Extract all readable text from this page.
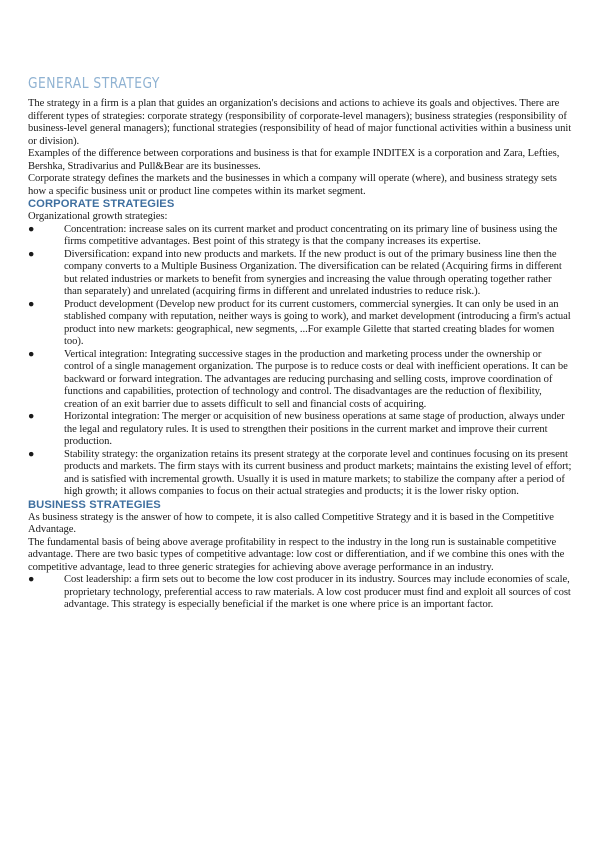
GENERAL STRATEGY

The strategy in a firm is a plan that guides an organization's decisions and actions to achieve its goals and objectives. There are different types of strategies: corporate strategy (responsibility of corporate-level managers); business strategies (responsibility of business-level general managers); functional strategies (responsibility of head of major functional activities within a business unit or division).

Examples of the difference between corporations and business is that for example INDITEX is a corporation and Zara, Lefties, Bershka, Stradivarius and Pull&Bear are its businesses.

Corporate strategy defines the markets and the businesses in which a company will operate (where), and business strategy sets how a specific business unit or product line competes within its market segment.

CORPORATE STRATEGIES

Organizational growth strategies:

●	Concentration: increase sales on its current market and product concentrating on its primary line of business using the firms competitive advantages. Best point of this strategy is that the company increases its expertise.
●	Diversification: expand into new products and markets. If the new product is out of the primary business line then the company converts to a Multiple Business Organization. The diversification can be related (Acquiring firms in different but related industries or markets to benefit from synergies and increasing the value through operating together rather than separately) and unrelated (acquiring firms in different and unrelated industries to reduce risk.).
●	Product development (Develop new product for its current customers, commercial synergies. It can only be used in an stablished company with reputation, neither ways is going to work), and market development (introducing a firm's actual product into new markets: geographical, new segments, ...For example Gilette that started creating blades for women too).
●	Vertical integration: Integrating successive stages in the production and marketing process under the ownership or control of a single management organization. The purpose is to reduce costs or deal with inefficient operations. It can be backward or forward integration. The advantages are reducing purchasing and selling costs, improve coordination of functions and capabilities, protection of technology and control. The disadvantages are the reduction of flexibility, creation of an exit barrier due to assets difficult to sell and financial costs of acquiring.
●	Horizontal integration: The merger or acquisition of new business operations at same stage of production, always under the legal and regulatory rules. It is used to strengthen their positions in the current market and improve their current production.
●	Stability strategy: the organization retains its present strategy at the corporate level and continues focusing on its present products and markets. The firm stays with its current business and product markets; maintains the existing level of effort; and is satisfied with incremental growth. Usually it is used in mature markets; to stabilize the company after a period of high growth; it allows companies to focus on their actual strategies and products; it is the lower risky option.
BUSINESS STRATEGIES

As business strategy is the answer of how to compete, it is also called Competitive Strategy and it is based in the Competitive Advantage.

The fundamental basis of being above average profitability in respect to the industry in the long run is sustainable competitive advantage. There are two basic types of competitive advantage: low cost or differentiation, and if we combine this ones with the competitive advantage, lead to three generic strategies for achieving above average performance in an industry.

●	Cost leadership: a firm sets out to become the low cost producer in its industry. Sources may include economies of scale, proprietary technology, preferential access to raw materials. A low cost producer must find and exploit all sources of cost advantage. This strategy is especially beneficial if the market is one where price is an important factor.
